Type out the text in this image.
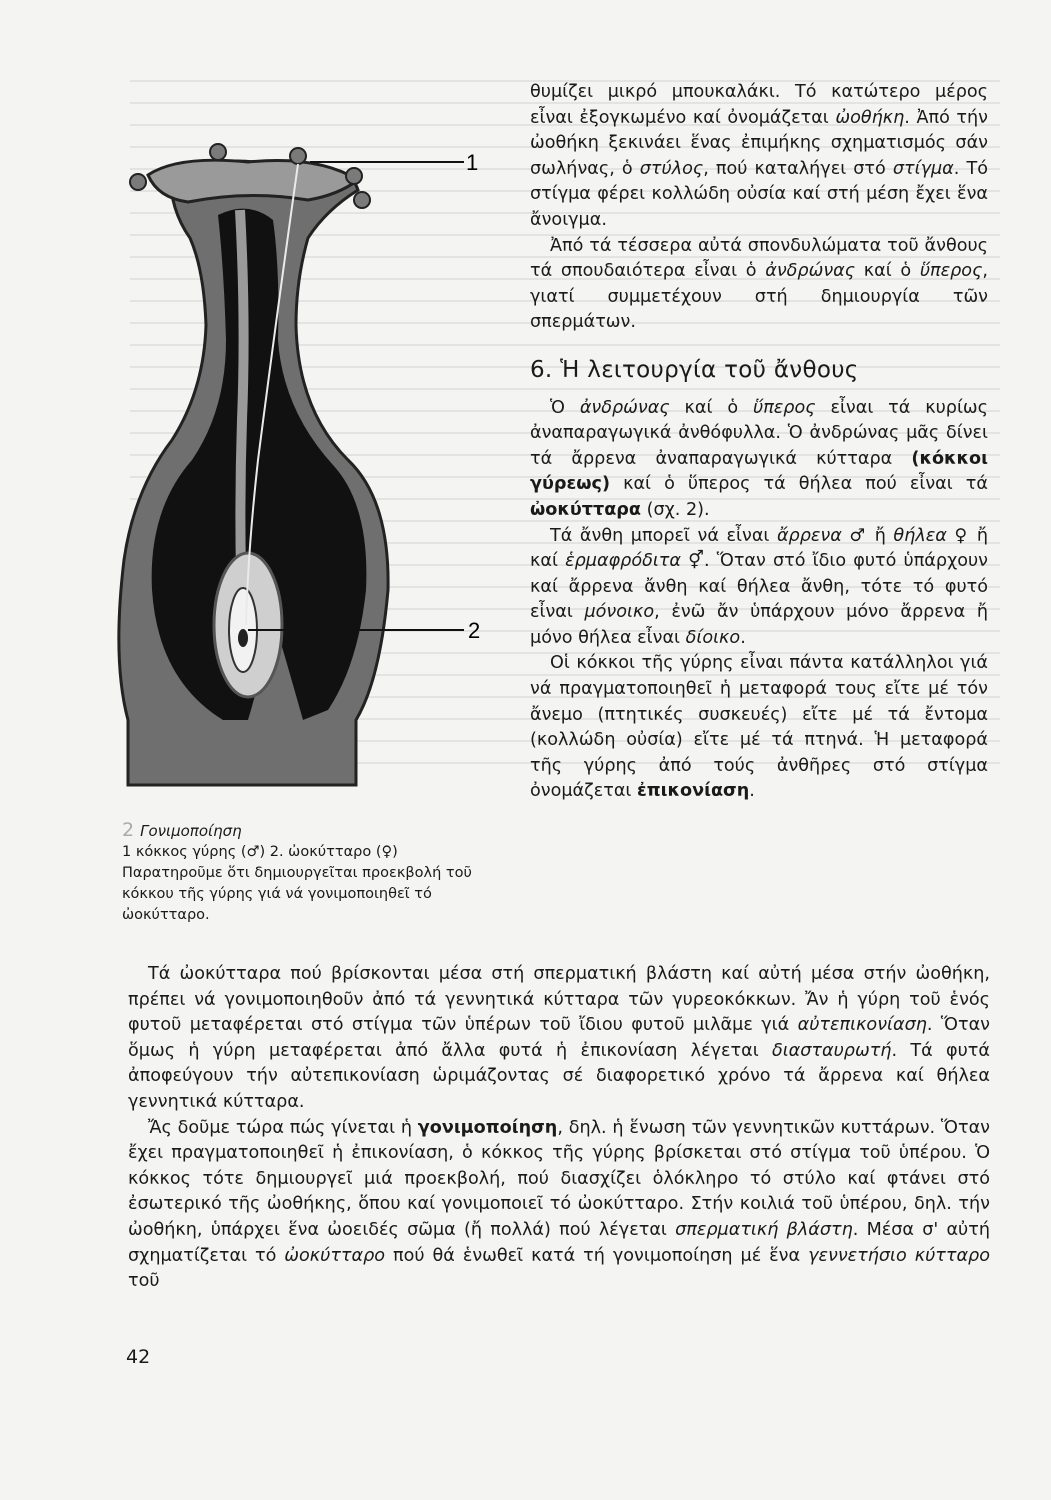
1
2
2 Γονιμοποίηση
1 κόκκος γύρης (♂) 2. ὠοκύτταρο (♀)
Παρατηροῦμε ὅτι δημιουργεῖται προεκβολή τοῦ κόκκου τῆς γύρης γιά νά γονιμοποιηθεῖ τό ὠοκύτταρο.

θυμίζει μικρό μπουκαλάκι. Τό κατώτερο μέρος εἶναι ἐξογκωμένο καί ὀνομάζεται ὠοθήκη. Ἀπό τήν ὠοθήκη ξεκινάει ἕνας ἐπιμήκης σχηματισμός σάν σωλήνας, ὁ στύλος, πού καταλήγει στό στίγμα. Τό στίγμα φέρει κολλώδη οὐσία καί στή μέση ἔχει ἕνα ἄνοιγμα.

Ἀπό τά τέσσερα αὐτά σπονδυλώματα τοῦ ἄνθους τά σπουδαιότερα εἶναι ὁ ἀνδρώνας καί ὁ ὕπερος, γιατί συμμετέχουν στή δημιουργία τῶν σπερμάτων.

6. Ἡ λειτουργία τοῦ ἄνθους

Ὁ ἀνδρώνας καί ὁ ὕπερος εἶναι τά κυρίως ἀναπαραγωγικά ἀνθόφυλλα. Ὁ ἀνδρώνας μᾶς δίνει τά ἄρρενα ἀναπαραγωγικά κύτταρα (κόκκοι γύρεως) καί ὁ ὕπερος τά θήλεα πού εἶναι τά ὠοκύτταρα (σχ. 2).

Τά ἄνθη μπορεῖ νά εἶναι ἄρρενα ♂ ἤ θήλεα ♀ ἤ καί ἑρμαφρόδιτα ⚥. Ὅταν στό ἴδιο φυτό ὑπάρχουν καί ἄρρενα ἄνθη καί θήλεα ἄνθη, τότε τό φυτό εἶναι μόνοικο, ἐνῶ ἄν ὑπάρχουν μόνο ἄρρενα ἤ μόνο θήλεα εἶναι δίοικο.

Οἱ κόκκοι τῆς γύρης εἶναι πάντα κατάλληλοι γιά νά πραγματοποιηθεῖ ἡ μεταφορά τους εἴτε μέ τόν ἄνεμο (πτητικές συσκευές) εἴτε μέ τά ἔντομα (κολλώδη οὐσία) εἴτε μέ τά πτηνά. Ἡ μεταφορά τῆς γύρης ἀπό τούς ἀνθῆρες στό στίγμα ὀνομάζεται ἐπικονίαση.

Τά ὠοκύτταρα πού βρίσκονται μέσα στή σπερματική βλάστη καί αὐτή μέσα στήν ὠοθήκη, πρέπει νά γονιμοποιηθοῦν ἀπό τά γεννητικά κύτταρα τῶν γυρεοκόκκων. Ἄν ἡ γύρη τοῦ ἑνός φυτοῦ μεταφέρεται στό στίγμα τῶν ὑπέρων τοῦ ἴδιου φυτοῦ μιλᾶμε γιά αὐτεπικονίαση. Ὅταν ὅμως ἡ γύρη μεταφέρεται ἀπό ἄλλα φυτά ἡ ἐπικονίαση λέγεται διασταυρωτή. Τά φυτά ἀποφεύγουν τήν αὐτεπικονίαση ὡριμάζοντας σέ διαφορετικό χρόνο τά ἄρρενα καί θήλεα γεννητικά κύτταρα.

Ἄς δοῦμε τώρα πώς γίνεται ἡ γονιμοποίηση, δηλ. ἡ ἕνωση τῶν γεννητικῶν κυττάρων. Ὅταν ἔχει πραγματοποιηθεῖ ἡ ἐπικονίαση, ὁ κόκκος τῆς γύρης βρίσκεται στό στίγμα τοῦ ὑπέρου. Ὁ κόκκος τότε δημιουργεῖ μιά προεκβολή, πού διασχίζει ὁλόκληρο τό στύλο καί φτάνει στό ἐσωτερικό τῆς ὠοθήκης, ὅπου καί γονιμοποιεῖ τό ὠοκύτταρο. Στήν κοιλιά τοῦ ὑπέρου, δηλ. τήν ὠοθήκη, ὑπάρχει ἕνα ὠοειδές σῶμα (ἤ πολλά) πού λέγεται σπερματική βλάστη. Μέσα σ' αὐτή σχηματίζεται τό ὠοκύτταρο πού θά ἑνωθεῖ κατά τή γονιμοποίηση μέ ἕνα γεννετήσιο κύτταρο τοῦ

42
